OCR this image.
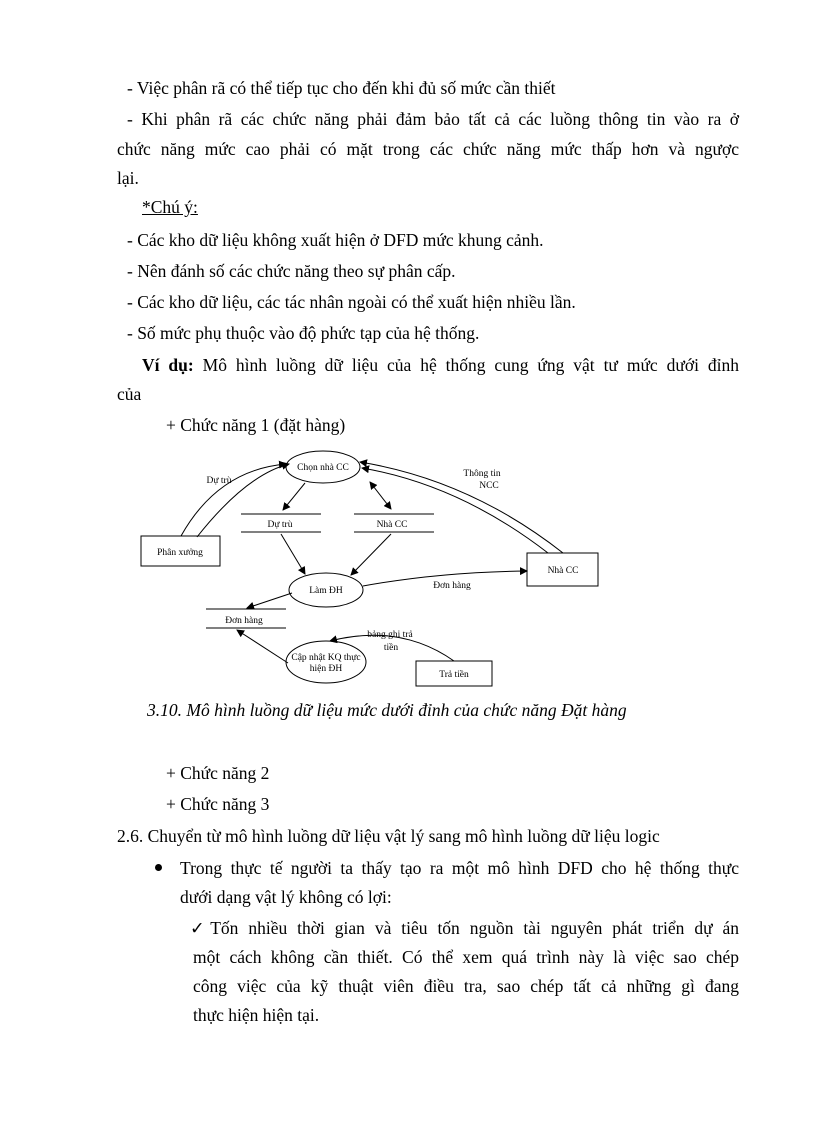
- Việc phân rã có thể tiếp tục cho đến khi đủ số mức cần thiết
- Khi phân rã các chức năng phải đảm bảo tất cả các luồng thông tin vào ra ở
chức năng mức cao phải có mặt trong các chức năng mức thấp hơn và ngược
lại.
*Chú ý:
- Các kho dữ liệu không xuất hiện ở DFD mức khung cảnh.
- Nên đánh số các chức năng theo sự phân cấp.
- Các kho dữ liệu, các tác nhân ngoài có thể xuất hiện nhiều lần.
- Số mức phụ thuộc vào độ phức tạp của hệ thống.
Ví dụ: Mô hình luồng dữ liệu của hệ thống cung ứng vật tư mức dưới đỉnh
của
+ Chức năng 1 (đặt hàng)
Chọn nhà CC
Làm ĐH
Cập nhật KQ thực
hiện ĐH
Dự trù	Nhà CC
Đơn hàng
Phân xưởng
Nhà CC
Trả tiền
Dự trù
Thông tin
NCC
Đơn hàng
bảng ghi trả
tiền
3.10. Mô hình luồng dữ liệu mức dưới đỉnh của chức năng Đặt hàng
+ Chức năng 2
+ Chức năng 3
2.6. Chuyển từ mô hình luồng dữ liệu vật lý sang mô hình luồng dữ liệu logic
Trong thực tế người ta thấy tạo ra một mô hình DFD cho hệ thống thực
dưới dạng vật lý không có lợi:
✓Tốn nhiều thời gian và tiêu tốn nguồn tài nguyên phát triển dự án
một cách không cần thiết. Có thể xem quá trình này là việc sao chép
công việc của kỹ thuật viên điều tra, sao chép tất cả những gì đang
thực hiện hiện tại.
